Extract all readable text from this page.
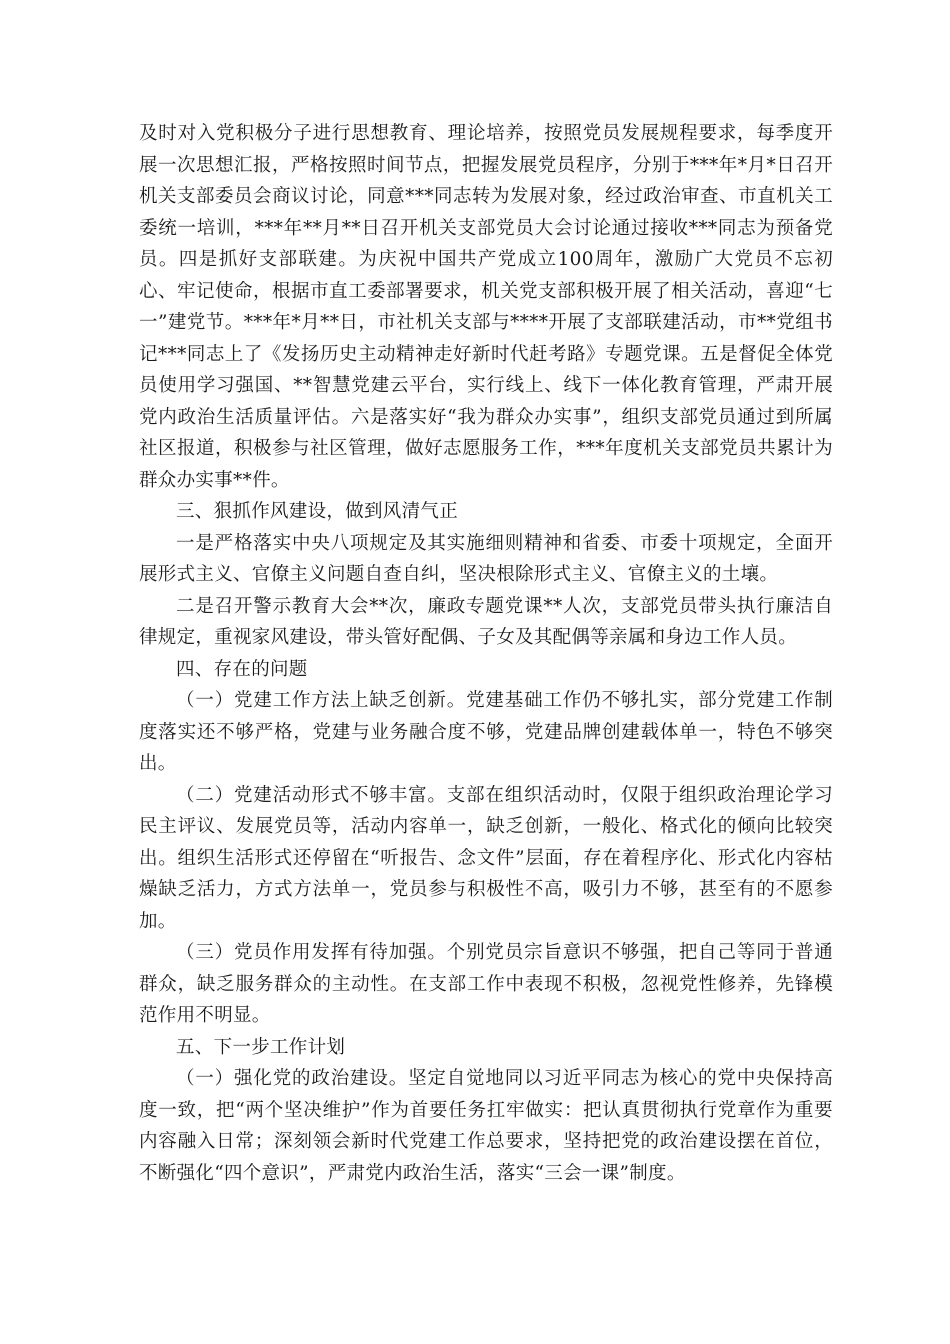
及时对入党积极分子进行思想教育、理论培养，按照党员发展规程要求，每季度开展一次思想汇报，严格按照时间节点，把握发展党员程序，分别于***年*月*日召开机关支部委员会商议讨论，同意***同志转为发展对象，经过政治审查、市直机关工委统一培训，***年**月**日召开机关支部党员大会讨论通过接收***同志为预备党员。四是抓好支部联建。为庆祝中国共产党成立100周年，激励广大党员不忘初心、牢记使命，根据市直工委部署要求，机关党支部积极开展了相关活动，喜迎“七一”建党节。***年*月**日，市社机关支部与****开展了支部联建活动，市**党组书记***同志上了《发扬历史主动精神走好新时代赶考路》专题党课。五是督促全体党员使用学习强国、**智慧党建云平台，实行线上、线下一体化教育管理，严肃开展党内政治生活质量评估。六是落实好“我为群众办实事”，组织支部党员通过到所属社区报道，积极参与社区管理，做好志愿服务工作，***年度机关支部党员共累计为群众办实事**件。

三、狠抓作风建设，做到风清气正

一是严格落实中央八项规定及其实施细则精神和省委、市委十项规定，全面开展形式主义、官僚主义问题自查自纠，坚决根除形式主义、官僚主义的土壤。

二是召开警示教育大会**次，廉政专题党课**人次，支部党员带头执行廉洁自律规定，重视家风建设，带头管好配偶、子女及其配偶等亲属和身边工作人员。

四、存在的问题

（一）党建工作方法上缺乏创新。党建基础工作仍不够扎实，部分党建工作制度落实还不够严格，党建与业务融合度不够，党建品牌创建载体单一，特色不够突出。

（二）党建活动形式不够丰富。支部在组织活动时，仅限于组织政治理论学习民主评议、发展党员等，活动内容单一，缺乏创新，一般化、格式化的倾向比较突出。组织生活形式还停留在“听报告、念文件”层面，存在着程序化、形式化内容枯燥缺乏活力，方式方法单一，党员参与积极性不高，吸引力不够，甚至有的不愿参加。

（三）党员作用发挥有待加强。个别党员宗旨意识不够强，把自己等同于普通群众，缺乏服务群众的主动性。在支部工作中表现不积极，忽视党性修养，先锋模范作用不明显。

五、下一步工作计划

（一）强化党的政治建设。坚定自觉地同以习近平同志为核心的党中央保持高度一致，把“两个坚决维护”作为首要任务扛牢做实：把认真贯彻执行党章作为重要内容融入日常；深刻领会新时代党建工作总要求，坚持把党的政治建设摆在首位，不断强化“四个意识”，严肃党内政治生活，落实“三会一课”制度。
